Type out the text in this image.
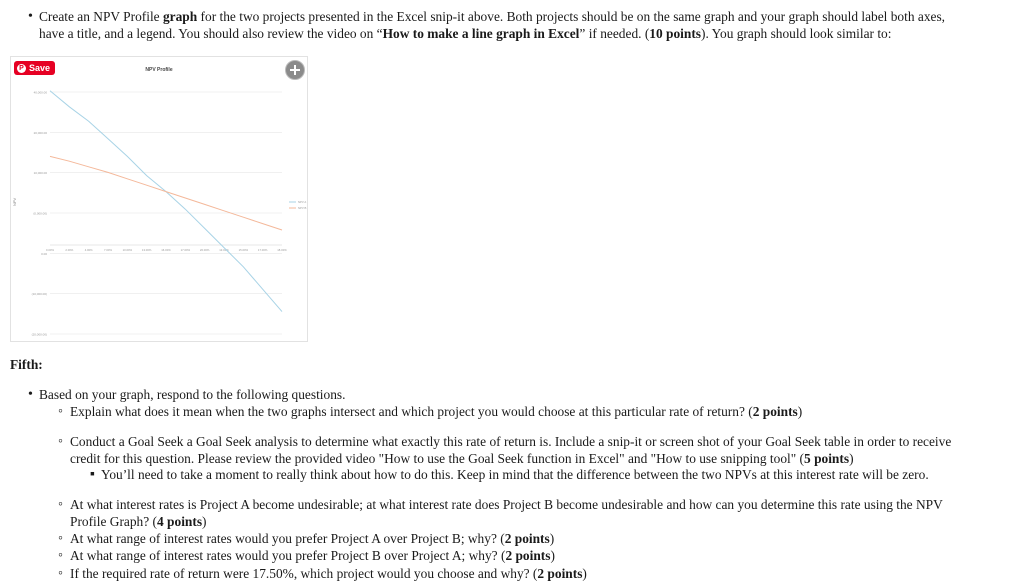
• Create an NPV Profile graph for the two projects presented in the Excel snip-it above. Both projects should be on the same graph and your graph should label both axes,
have a title, and a legend. You should also review the video on “How to make a line graph in Excel” if needed. (10 points). You graph should look similar to:
NPV Profile
NPV
40,000.00
20,000.00
10,000.00
(0,000.00)
0.00
(10,000.00)
(20,000.00)
0.00%	2.00%	4.00%	7.00%	10.00%	13.00%	16.00%	17.00%	20.00%	13.00%	15.00%	17.00%	18.00%
NPV A
NPV B
P Save
Fifth:
• Based on your graph, respond to the following questions.
◦ Explain what does it mean when the two graphs intersect and which project you would choose at this particular rate of return? (2 points)
◦ Conduct a Goal Seek a Goal Seek analysis to determine what exactly this rate of return is. Include a snip-it or screen shot of your Goal Seek table in order to receive
credit for this question. Please review the provided video "How to use the Goal Seek function in Excel" and "How to use snipping tool" (5 points)
▪ You’ll need to take a moment to really think about how to do this. Keep in mind that the difference between the two NPVs at this interest rate will be zero.
◦ At what interest rates is Project A become undesirable; at what interest rate does Project B become undesirable and how can you determine this rate using the NPV
Profile Graph? (4 points)
◦ At what range of interest rates would you prefer Project A over Project B; why? (2 points)
◦ At what range of interest rates would you prefer Project B over Project A; why? (2 points)
◦ If the required rate of return were 17.50%, which project would you choose and why? (2 points)
